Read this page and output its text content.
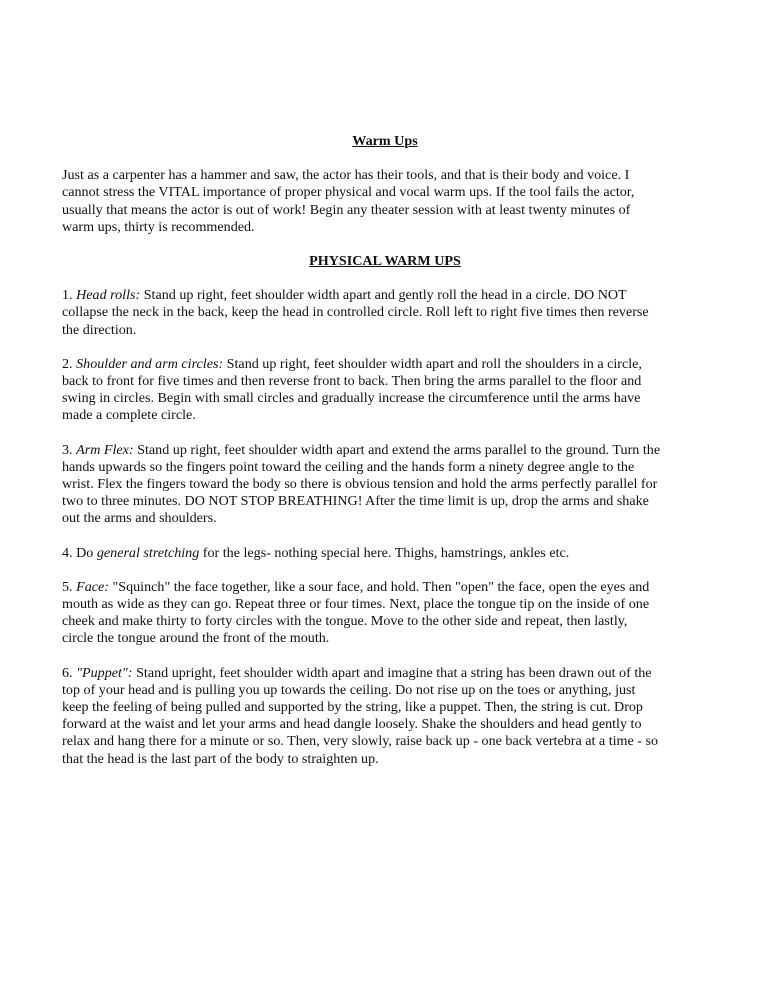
Warm Ups
Just as a carpenter has a hammer and saw, the actor has their tools, and that is their body and voice. I
cannot stress the VITAL importance of proper physical and vocal warm ups. If the tool fails the actor,
usually that means the actor is out of work! Begin any theater session with at least twenty minutes of
warm ups, thirty is recommended.
PHYSICAL WARM UPS
1. Head rolls: Stand up right, feet shoulder width apart and gently roll the head in a circle. DO NOT
collapse the neck in the back, keep the head in controlled circle. Roll left to right five times then reverse
the direction.
2. Shoulder and arm circles: Stand up right, feet shoulder width apart and roll the shoulders in a circle,
back to front for five times and then reverse front to back. Then bring the arms parallel to the floor and
swing in circles. Begin with small circles and gradually increase the circumference until the arms have
made a complete circle.
3. Arm Flex: Stand up right, feet shoulder width apart and extend the arms parallel to the ground. Turn the
hands upwards so the fingers point toward the ceiling and the hands form a ninety degree angle to the
wrist. Flex the fingers toward the body so there is obvious tension and hold the arms perfectly parallel for
two to three minutes. DO NOT STOP BREATHING! After the time limit is up, drop the arms and shake
out the arms and shoulders.
4. Do general stretching for the legs- nothing special here. Thighs, hamstrings, ankles etc.
5. Face: "Squinch" the face together, like a sour face, and hold. Then "open" the face, open the eyes and
mouth as wide as they can go. Repeat three or four times. Next, place the tongue tip on the inside of one
cheek and make thirty to forty circles with the tongue. Move to the other side and repeat, then lastly,
circle the tongue around the front of the mouth.
6. "Puppet": Stand upright, feet shoulder width apart and imagine that a string has been drawn out of the
top of your head and is pulling you up towards the ceiling. Do not rise up on the toes or anything, just
keep the feeling of being pulled and supported by the string, like a puppet. Then, the string is cut. Drop
forward at the waist and let your arms and head dangle loosely. Shake the shoulders and head gently to
relax and hang there for a minute or so. Then, very slowly, raise back up - one back vertebra at a time - so
that the head is the last part of the body to straighten up.
